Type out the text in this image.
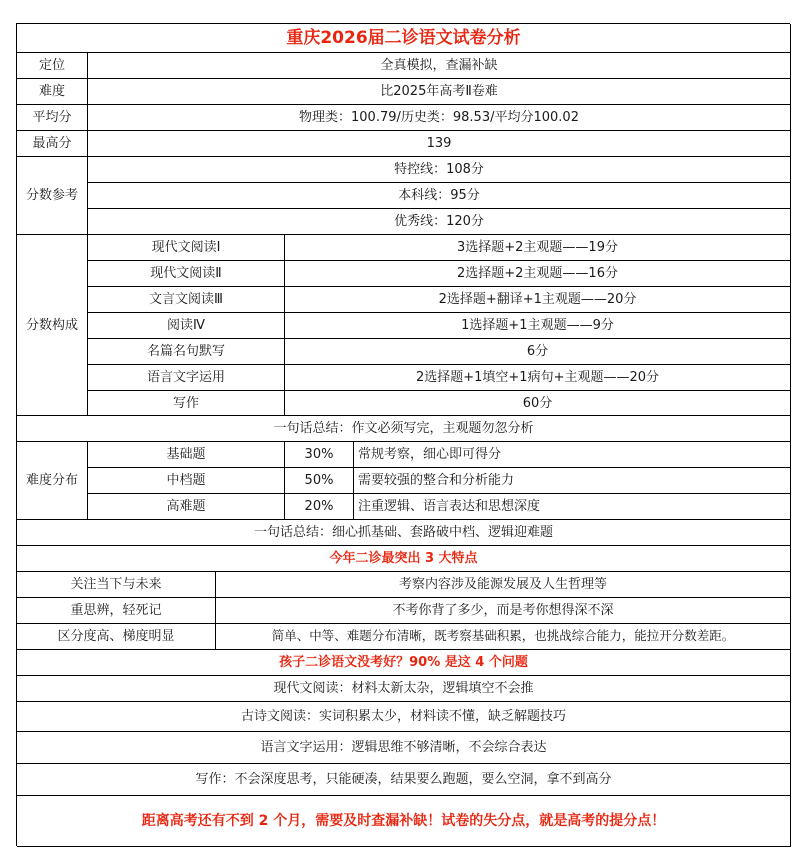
重庆2026届二诊语文试卷分析
定位	全真模拟，查漏补缺
难度	比2025年高考Ⅱ卷难
平均分	物理类：100.79/历史类：98.53/平均分100.02
最高分	139
分数参考
特控线：108分
本科线：95分
优秀线：120分
分数构成
现代文阅读Ⅰ	3选择题+2主观题——19分
现代文阅读Ⅱ	2选择题+2主观题——16分
文言文阅读Ⅲ	2选择题+翻译+1主观题——20分
阅读Ⅳ	1选择题+1主观题——9分
名篇名句默写	6分
语言文字运用	2选择题+1填空+1病句+主观题——20分
写作	60分
一句话总结：作文必须写完，主观题勿忽分析
难度分布
基础题	30%	常规考察，细心即可得分
中档题	50%	需要较强的整合和分析能力
高难题	20%	注重逻辑、语言表达和思想深度
一句话总结：细心抓基础、套路破中档、逻辑迎难题
今年二诊最突出 3 大特点
关注当下与未来	考察内容涉及能源发展及人生哲理等
重思辨，轻死记	不考你背了多少，而是考你想得深不深
区分度高、梯度明显	简单、中等、难题分布清晰，既考察基础积累，也挑战综合能力，能拉开分数差距。
孩子二诊语文没考好？90% 是这 4 个问题
现代文阅读：材料太新太杂，逻辑填空不会推
古诗文阅读：实词积累太少，材料读不懂，缺乏解题技巧
语言文字运用：逻辑思维不够清晰，不会综合表达
写作：不会深度思考，只能硬凑，结果要么跑题，要么空洞，拿不到高分
距离高考还有不到 2 个月，需要及时查漏补缺！试卷的失分点，就是高考的提分点！
